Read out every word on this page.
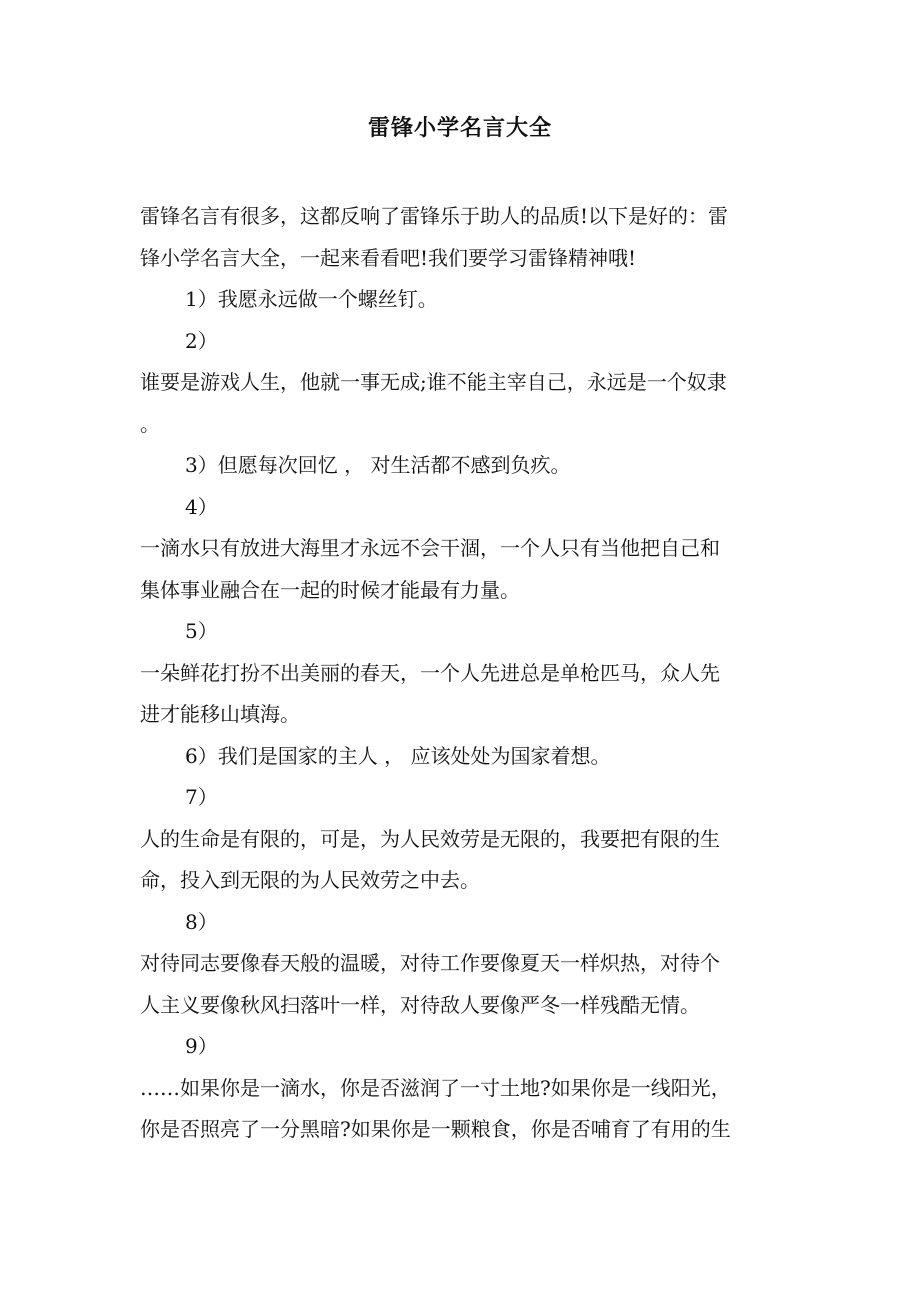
雷锋小学名言大全
雷锋名言有很多，这都反响了雷锋乐于助人的品质!以下是好的：雷
锋小学名言大全，一起来看看吧!我们要学习雷锋精神哦!
1）我愿永远做一个螺丝钉。
2）
谁要是游戏人生，他就一事无成;谁不能主宰自己，永远是一个奴隶
。
3）但愿每次回忆 ， 对生活都不感到负疚。
4）
一滴水只有放进大海里才永远不会干涸，一个人只有当他把自己和
集体事业融合在一起的时候才能最有力量。
5）
一朵鲜花打扮不出美丽的春天，一个人先进总是单枪匹马，众人先
进才能移山填海。
6）我们是国家的主人 ， 应该处处为国家着想。
7）
人的生命是有限的，可是，为人民效劳是无限的，我要把有限的生
命，投入到无限的为人民效劳之中去。
8）
对待同志要像春天般的温暖，对待工作要像夏天一样炽热，对待个
人主义要像秋风扫落叶一样，对待敌人要像严冬一样残酷无情。
9）
……如果你是一滴水，你是否滋润了一寸土地?如果你是一线阳光，
你是否照亮了一分黑暗?如果你是一颗粮食，你是否哺育了有用的生
